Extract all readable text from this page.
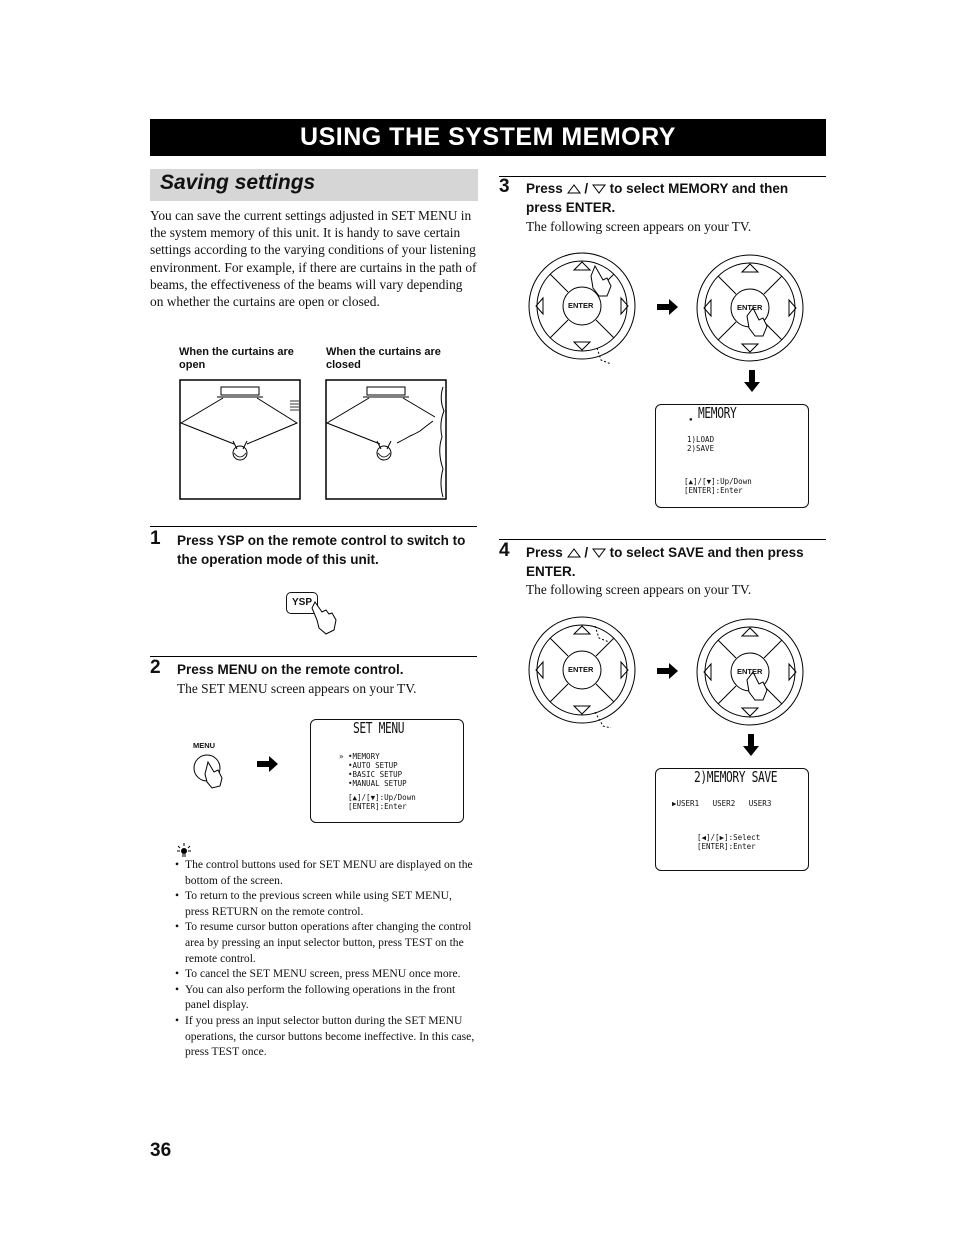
USING THE SYSTEM MEMORY
Saving settings
You can save the current settings adjusted in SET MENU in the system memory of this unit. It is handy to save certain settings according to the varying conditions of your listening environment. For example, if there are curtains in the path of beams, the effectiveness of the beams will vary depending on whether the curtains are open or closed.
When the curtains are open
When the curtains are closed
1 Press YSP on the remote control to switch to the operation mode of this unit.
YSP
2 Press MENU on the remote control.
The SET MENU screen appears on your TV.
MENU
SET MENU
» •MEMORY
•AUTO SETUP
•BASIC SETUP
•MANUAL SETUP
[▲]/[▼]:Up/Down
[ENTER]:Enter
• The control buttons used for SET MENU are displayed on the bottom of the screen.
• To return to the previous screen while using SET MENU, press RETURN on the remote control.
• To resume cursor button operations after changing the control area by pressing an input selector button, press TEST on the remote control.
• To cancel the SET MENU screen, press MENU once more.
• You can also perform the following operations in the front panel display.
• If you press an input selector button during the SET MENU operations, the cursor buttons become ineffective. In this case, press TEST once.
3 Press / to select MEMORY and then press ENTER.
The following screen appears on your TV.
ENTER	ENTER
▪ MEMORY
1)LOAD
2)SAVE
[▲]/[▼]:Up/Down
[ENTER]:Enter
4 Press / to select SAVE and then press ENTER.
The following screen appears on your TV.
ENTER	ENTER
2)MEMORY SAVE
▶USER1   USER2   USER3
[◀]/[▶]:Select
[ENTER]:Enter
36
